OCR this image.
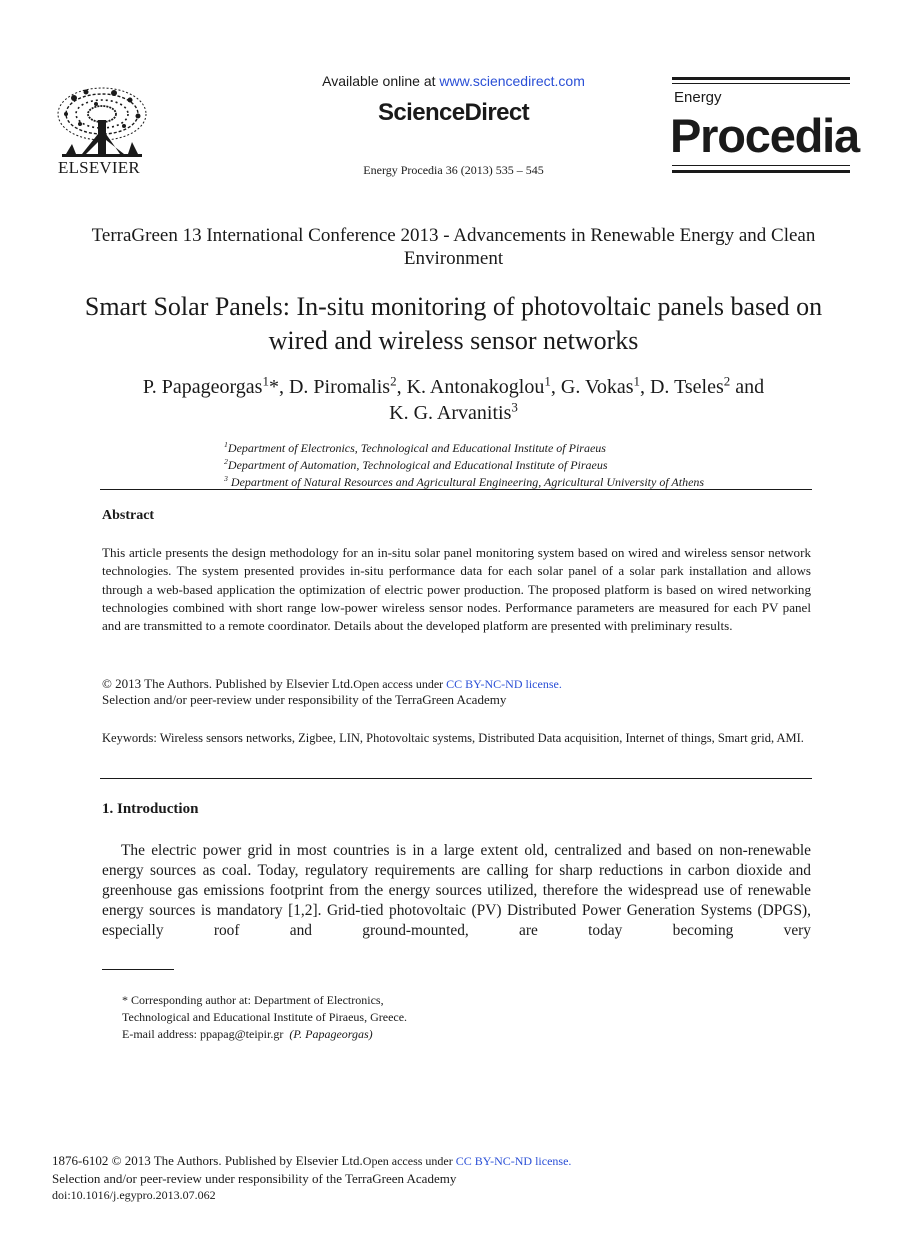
ELSEVIER
Available online at www.sciencedirect.com
ScienceDirect
Energy Procedia 36 (2013) 535 – 545
Energy
Procedia
TerraGreen 13 International Conference 2013 - Advancements in Renewable Energy and Clean Environment
Smart Solar Panels: In-situ monitoring of photovoltaic panels based on wired and wireless sensor networks
P. Papageorgas$^1$*, D. Piromalis$^2$, K. Antonakoglou$^1$, G. Vokas$^1$, D. Tseles$^2$ and
K. G. Arvanitis$^3$
$^1$Department of Electronics, Technological and Educational Institute of Piraeus
$^2$Department of Automation, Technological and Educational Institute of Piraeus
$^3$ Department of Natural Resources and Agricultural Engineering, Agricultural University of Athens
Abstract

This article presents the design methodology for an in-situ solar panel monitoring system based on wired and wireless sensor network technologies. The system presented provides in-situ performance data for each solar panel of a solar park installation and allows through a web-based application the optimization of electric power production. The proposed platform is based on wired networking technologies combined with short range low-power wireless sensor nodes. Performance parameters are measured for each PV panel and are transmitted to a remote coordinator. Details about the developed platform are presented with preliminary results.

© 2013 The Authors. Published by Elsevier Ltd.Open access under CC BY-NC-ND license.
Selection and/or peer-review under responsibility of the TerraGreen Academy
Keywords: Wireless sensors networks, Zigbee, LIN, Photovoltaic systems, Distributed Data acquisition, Internet of things, Smart grid, AMI.
1. Introduction

The electric power grid in most countries is in a large extent old, centralized and based on non-renewable energy sources as coal. Today, regulatory requirements are calling for sharp reductions in carbon dioxide and greenhouse gas emissions footprint from the energy sources utilized, therefore the widespread use of renewable energy sources is mandatory [1,2]. Grid-tied photovoltaic (PV) Distributed Power Generation Systems (DPGS), especially roof and ground-mounted, are today becoming very

* Corresponding author at: Department of Electronics,
Technological and Educational Institute of Piraeus, Greece.
E-mail address: ppapag@teipir.gr (P. Papageorgas)
1876-6102 © 2013 The Authors. Published by Elsevier Ltd.Open access under CC BY-NC-ND license.
Selection and/or peer-review under responsibility of the TerraGreen Academy
doi:10.1016/j.egypro.2013.07.062
